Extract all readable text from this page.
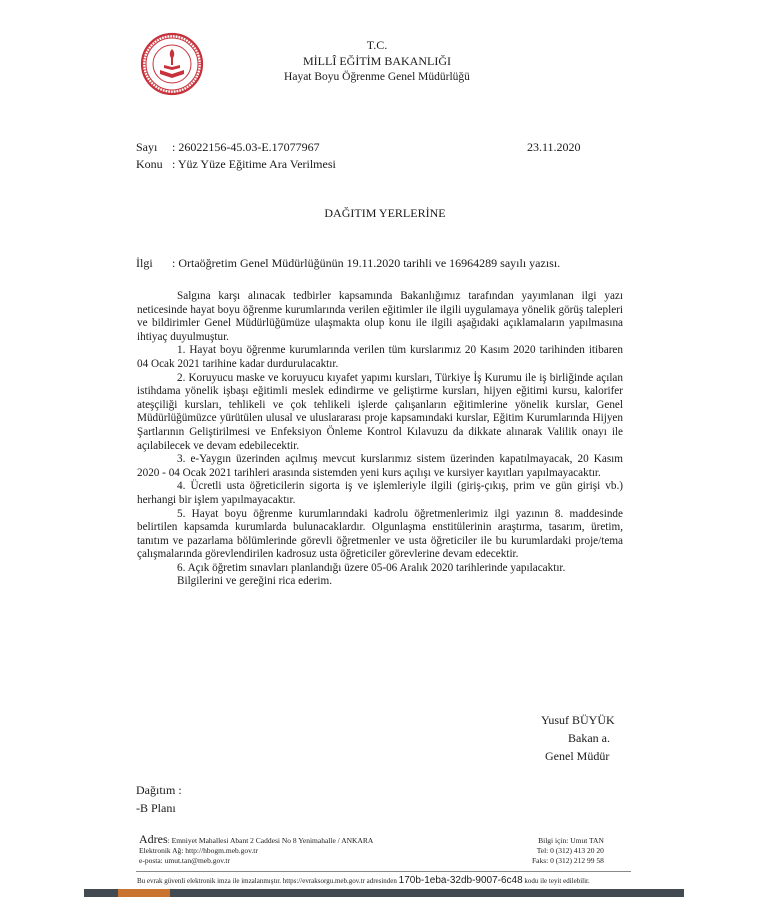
T.C.
MİLLÎ EĞİTİM BAKANLIĞI
Hayat Boyu Öğrenme Genel Müdürlüğü
Sayı : 26022156-45.03-E.17077967
Konu : Yüz Yüze Eğitime Ara Verilmesi
23.11.2020
DAĞITIM YERLERİNE
İlgi : Ortaöğretim Genel Müdürlüğünün 19.11.2020 tarihli ve 16964289 sayılı yazısı.

Salgına karşı alınacak tedbirler kapsamında Bakanlığımız tarafından yayımlanan ilgi yazı neticesinde hayat boyu öğrenme kurumlarında verilen eğitimler ile ilgili uygulamaya yönelik görüş talepleri ve bildirimler Genel Müdürlüğümüze ulaşmakta olup konu ile ilgili aşağıdaki açıklamaların yapılmasına ihtiyaç duyulmuştur.

1. Hayat boyu öğrenme kurumlarında verilen tüm kurslarımız 20 Kasım 2020 tarihinden itibaren 04 Ocak 2021 tarihine kadar durdurulacaktır.

2. Koruyucu maske ve koruyucu kıyafet yapımı kursları, Türkiye İş Kurumu ile iş birliğinde açılan istihdama yönelik işbaşı eğitimli meslek edindirme ve geliştirme kursları, hijyen eğitimi kursu, kalorifer ateşçiliği kursları, tehlikeli ve çok tehlikeli işlerde çalışanların eğitimlerine yönelik kurslar, Genel Müdürlüğümüzce yürütülen ulusal ve uluslararası proje kapsamındaki kurslar, Eğitim Kurumlarında Hijyen Şartlarının Geliştirilmesi ve Enfeksiyon Önleme Kontrol Kılavuzu da dikkate alınarak Valilik onayı ile açılabilecek ve devam edebilecektir.

3. e-Yaygın üzerinden açılmış mevcut kurslarımız sistem üzerinden kapatılmayacak, 20 Kasım 2020 - 04 Ocak 2021 tarihleri arasında sistemden yeni kurs açılışı ve kursiyer kayıtları yapılmayacaktır.

4. Ücretli usta öğreticilerin sigorta iş ve işlemleriyle ilgili (giriş-çıkış, prim ve gün girişi vb.) herhangi bir işlem yapılmayacaktır.

5. Hayat boyu öğrenme kurumlarındaki kadrolu öğretmenlerimiz ilgi yazının 8. maddesinde belirtilen kapsamda kurumlarda bulunacaklardır. Olgunlaşma enstitülerinin araştırma, tasarım, üretim, tanıtım ve pazarlama bölümlerinde görevli öğretmenler ve usta öğreticiler ile bu kurumlardaki proje/tema çalışmalarında görevlendirilen kadrosuz usta öğreticiler görevlerine devam edecektir.

6. Açık öğretim sınavları planlandığı üzere 05-06 Aralık 2020 tarihlerinde yapılacaktır.

Bilgilerini ve gereğini rica ederim.

Yusuf BÜYÜK
Bakan a.
Genel Müdür
Dağıtım :
-B Planı
Adres: Emniyet Mahallesi Abant 2 Caddesi No 8 Yenimahalle / ANKARA
Elektronik Ağ: http://hbogm.meb.gov.tr
e-posta: umut.tan@meb.gov.tr
Bilgi için: Umut TAN
Tel: 0 (312) 413 20 20
Faks: 0 (312) 212 99 58
Bu evrak güvenli elektronik imza ile imzalanmıştır. https://evraksorgu.meb.gov.tr adresinden 170b-1eba-32db-9007-6c48 kodu ile teyit edilebilir.
